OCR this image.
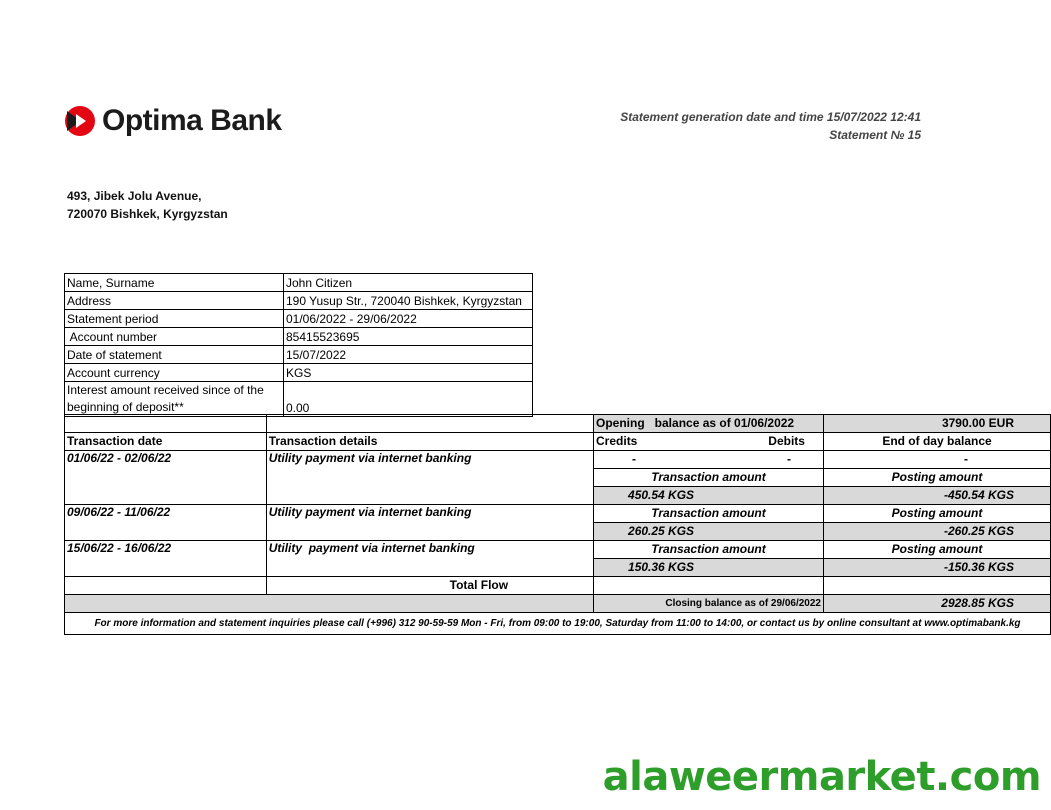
Optima Bank	Statement generation date and time 15/07/2022 12:41
Statement № 15
493, Jibek Jolu Avenue,
720070 Bishkek, Kyrgyzstan
Name, Surname	John Citizen
Address	190 Yusup Str., 720040 Bishkek, Kyrgyzstan
Statement period	01/06/2022 - 29/06/2022
Account number	85415523695
Date of statement	15/07/2022
Account currency	KGS
Interest amount received since of the beginning of deposit**	0.00
		Opening   balance as of 01/06/2022	3790.00 EUR
Transaction date	Transaction details	Credits Debits	End of day balance
01/06/22 - 02/06/22	Utility payment via internet banking	- -	-
		Transaction amount	Posting amount
		450.54 KGS	-450.54 KGS
09/06/22 - 11/06/22	Utility payment via internet banking	Transaction amount	Posting amount
		260.25 KGS	-260.25 KGS
15/06/22 - 16/06/22	Utility  payment via internet banking	Transaction amount	Posting amount
		150.36 KGS	-150.36 KGS
	Total Flow		
		Closing balance as of 29/06/2022	2928.85 KGS
For more information and statement inquiries please call (+996) 312 90-59-59 Mon - Fri, from 09:00 to 19:00, Saturday from 11:00 to 14:00, or contact us by online consultant at www.optimabank.kg			
alaweermarket.com
